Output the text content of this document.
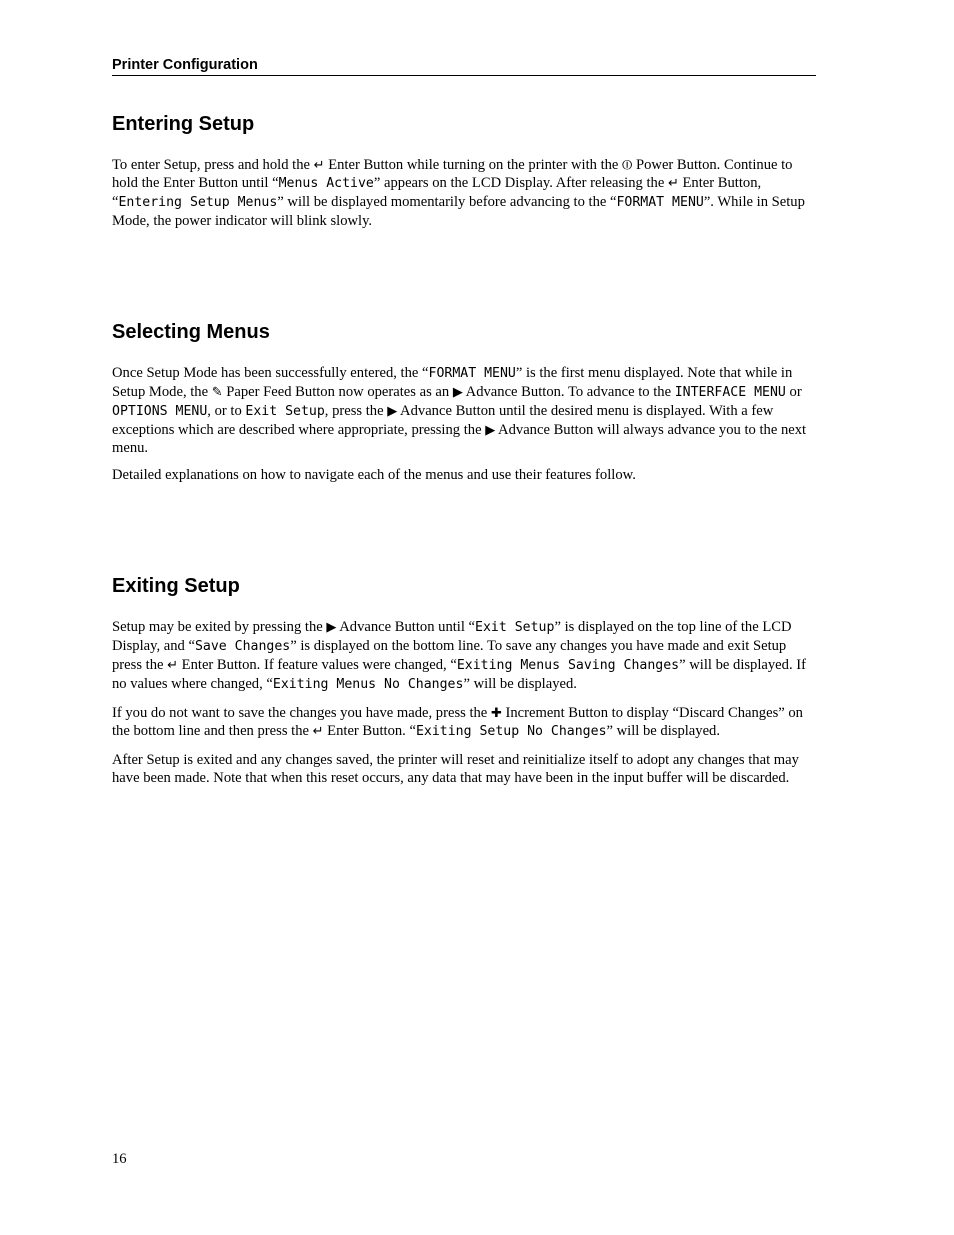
Printer Configuration
Entering Setup

To enter Setup, press and hold the ↵ Enter Button while turning on the printer with the ⏼ Power Button. Continue to hold the Enter Button until “Menus Active” appears on the LCD Display. After releasing the ↵ Enter Button, “Entering Setup Menus” will be displayed momentarily before advancing to the “FORMAT MENU”. While in Setup Mode, the power indicator will blink slowly.

Selecting Menus

Once Setup Mode has been successfully entered, the “FORMAT MENU” is the first menu displayed. Note that while in Setup Mode, the ✎ Paper Feed Button now operates as an ▶ Advance Button. To advance to the INTERFACE MENU or OPTIONS MENU, or to Exit Setup, press the ▶ Advance Button until the desired menu is displayed. With a few exceptions which are described where appropriate, pressing the ▶ Advance Button will always advance you to the next menu.

Detailed explanations on how to navigate each of the menus and use their features follow.

Exiting Setup

Setup may be exited by pressing the ▶ Advance Button until “Exit Setup” is displayed on the top line of the LCD Display, and “Save Changes” is displayed on the bottom line. To save any changes you have made and exit Setup press the ↵ Enter Button. If feature values were changed, “Exiting Menus Saving Changes” will be displayed. If no values where changed, “Exiting Menus No Changes” will be displayed.

If you do not want to save the changes you have made, press the ✚ Increment Button to display “Discard Changes” on the bottom line and then press the ↵ Enter Button. “Exiting Setup No Changes” will be displayed.

After Setup is exited and any changes saved, the printer will reset and reinitialize itself to adopt any changes that may have been made. Note that when this reset occurs, any data that may have been in the input buffer will be discarded.

16
